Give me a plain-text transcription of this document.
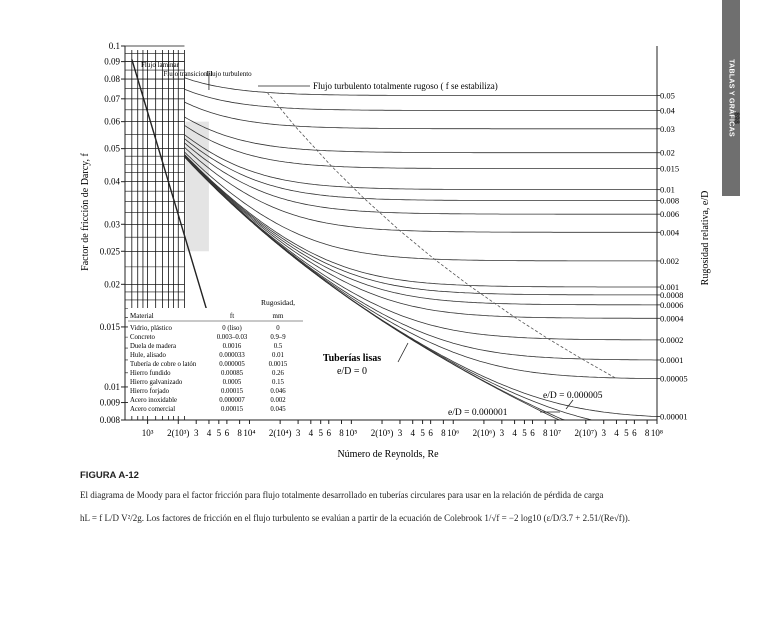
0.1
0.09
0.08
0.07
0.06
0.05
0.04
0.03
0.025
0.02
0.015
0.01
0.009
0.008
10³ 2(10³) 3 4 5 6 8 10⁴ 2(10⁴) 3 4 5 6 8 10⁵ 2(10⁵) 3 4 5 6 8 10⁶ 2(10⁶) 3 4 5 6 8 10⁷ 2(10⁷) 3 4 5 6 8 10⁸
0.05
0.04
0.03
0.02
0.015
0.01
0.008
0.006
0.004
0.002
0.001
0.0008
0.0006
0.0004
0.0002
0.0001
0.00005
0.00001
Factor de fricción de Darcy, f	Rugosidad relativa, e/D
Número de Reynolds, Re
Flujo laminar
Flujo transicional
Flujo turbulento
Flujo turbulento totalmente rugoso ( f se estabiliza)
Tuberías lisas
e/D = 0
e/D = 0.000005
e/D = 0.000001
Rugosidad,
Material	ft	mm
Vidrio, plástico	0 (liso)	0
Concreto	0.003–0.03	0.9–9
Duela de madera	0.0016	0.5
Hule, alisado	0.000033	0.01
Tubería de cobre o latón	0.000005	0.0015
Hierro fundido	0.00085	0.26
Hierro galvanizado	0.0005	0.15
Hierro forjado	0.00015	0.046
Acero inoxidable	0.000007	0.002
Acero comercial	0.00015	0.045
TABLAS Y GRÁFICAS
898
FIGURA A-12
El diagrama de Moody para el factor fricción para flujo totalmente desarrollado en tuberías circulares para usar en la relación de pérdida de carga
hL = f L/D V²/2g. Los factores de fricción en el flujo turbulento se evalúan a partir de la ecuación de Colebrook 1/√f = −2 log10 (ε/D/3.7 + 2.51/(Re√f)).
